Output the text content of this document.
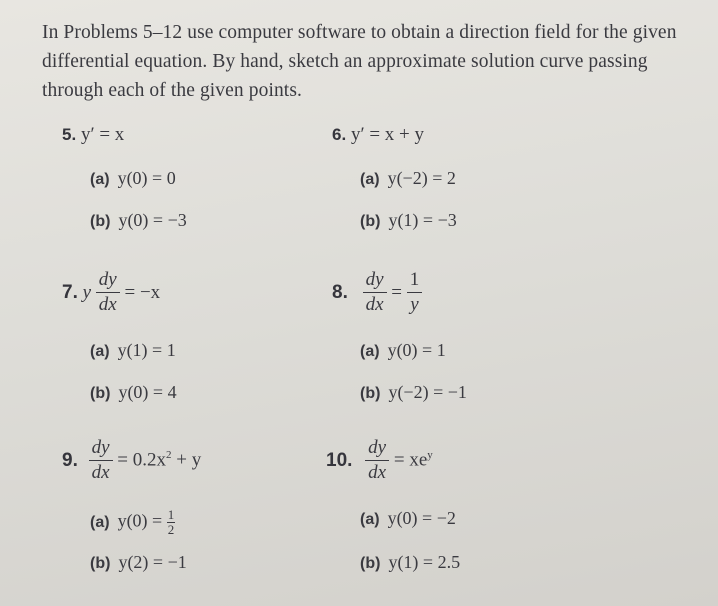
In Problems 5–12 use computer software to obtain a direction field for the given differential equation. By hand, sketch an approximate solution curve passing through each of the given points.
5. y′ = x
(a) y(0) = 0
(b) y(0) = −3
6. y′ = x + y
(a) y(−2) = 2
(b) y(1) = −3
7. y $\frac{dy}{dx} = -x$
(a) y(1) = 1
(b) y(0) = 4
8. $\frac{dy}{dx} = \frac{1}{y}$
(a) y(0) = 1
(b) y(−2) = −1
9. $\frac{dy}{dx} = 0.2x^2 + y$
(a) $y(0) = \frac{1}{2}$
(b) y(2) = −1
10. $\frac{dy}{dx} = xe^y$
(a) y(0) = −2
(b) y(1) = 2.5
